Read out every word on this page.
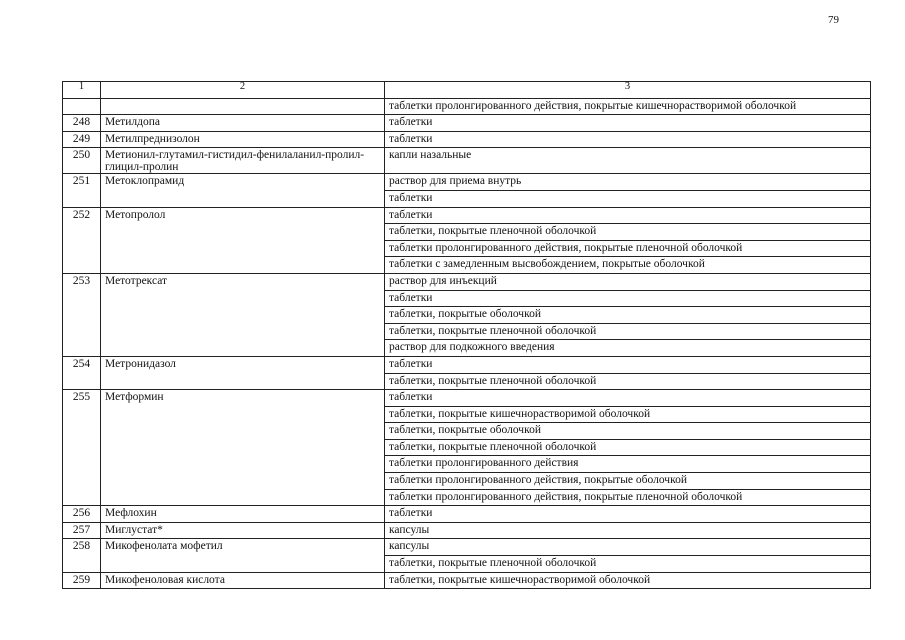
79
1	2	3
		таблетки пролонгированного действия, покрытые кишечнорастворимой оболочкой
248	Метилдопа	таблетки
249	Метилпреднизолон	таблетки
250	Метионил-глутамил-гистидил-фенилаланил-пролил-глицил-пролин	капли назальные
251	Метоклопрамид	раствор для приема внутрь
		таблетки
252	Метопролол	таблетки
		таблетки, покрытые пленочной оболочкой
		таблетки пролонгированного действия, покрытые пленочной оболочкой
		таблетки с замедленным высвобождением, покрытые оболочкой
253	Метотрексат	раствор для инъекций
		таблетки
		таблетки, покрытые оболочкой
		таблетки, покрытые пленочной оболочкой
		раствор для подкожного введения
254	Метронидазол	таблетки
		таблетки, покрытые пленочной оболочкой
255	Метформин	таблетки
		таблетки, покрытые кишечнорастворимой оболочкой
		таблетки, покрытые оболочкой
		таблетки, покрытые пленочной оболочкой
		таблетки пролонгированного действия
		таблетки пролонгированного действия, покрытые оболочкой
		таблетки пролонгированного действия, покрытые пленочной оболочкой
256	Мефлохин	таблетки
257	Миглустат*	капсулы
258	Микофенолата мофетил	капсулы
		таблетки, покрытые пленочной оболочкой
259	Микофеноловая кислота	таблетки, покрытые кишечнорастворимой оболочкой
